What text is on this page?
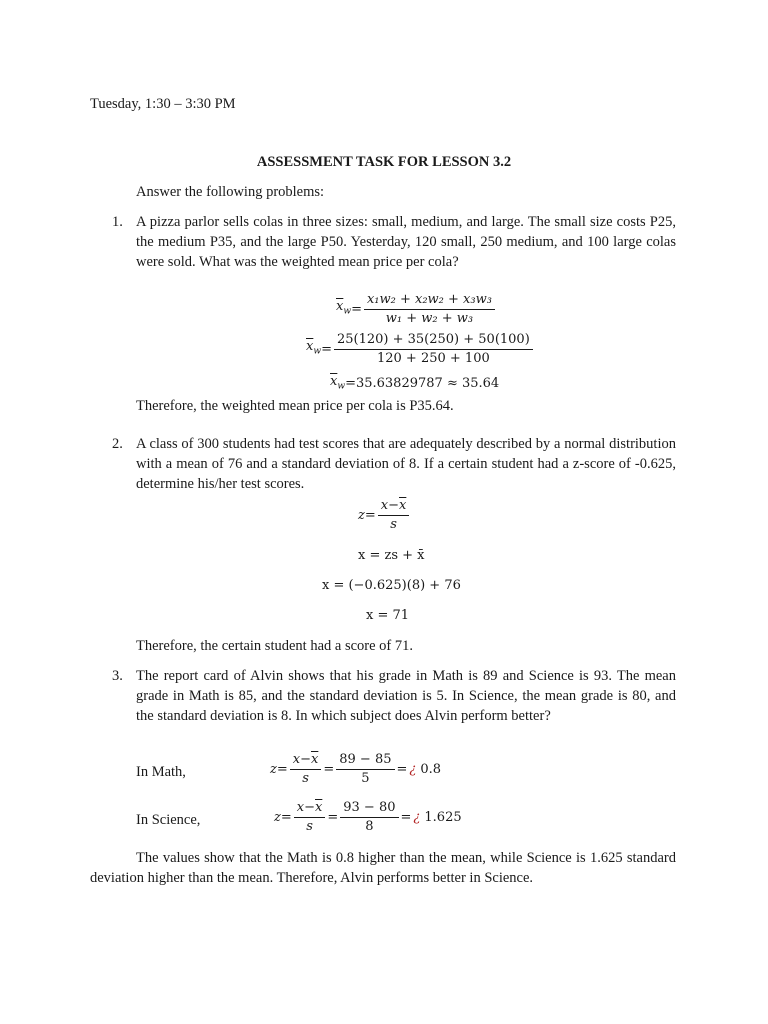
Tuesday, 1:30 – 3:30 PM
ASSESSMENT TASK FOR LESSON 3.2
Answer the following problems:
1. A pizza parlor sells colas in three sizes: small, medium, and large. The small size costs P25, the medium P35, and the large P50. Yesterday, 120 small, 250 medium, and 100 large colas were sold. What was the weighted mean price per cola?
$\overline{x}_w = \frac{\text{x₁w₂ + x₂w₂ + x₃w₃}}{\text{w₁ + w₂ + w₃}}$
$\overline{x}_w = \frac{25(120) + 35(250) + 50(100)}{120 + 250 + 100}$
$\overline{x}_w = 35.63829787 \approx 35.64$
Therefore, the weighted mean price per cola is P35.64.
2. A class of 300 students had test scores that are adequately described by a normal distribution with a mean of 76 and a standard deviation of 8. If a certain student had a z-score of -0.625, determine his/her test scores.
$z = \frac{x-\overline{x}}{s}$
x = zs + x̄
x = (−0.625)(8) + 76
x = 71
Therefore, the certain student had a score of 71.
3. The report card of Alvin shows that his grade in Math is 89 and Science is 93. The mean grade in Math is 85, and the standard deviation is 5. In Science, the mean grade is 80, and the standard deviation is 8. In which subject does Alvin perform better?
In Math,	$z = \frac{x-\overline{x}}{s} = \frac{89 - 85}{5}$ = ¿ 0.8
In Science,	$z = \frac{x-\overline{x}}{s} = \frac{93 - 80}{8}$ = ¿ 1.625
The values show that the Math is 0.8 higher than the mean, while Science is 1.625 standard deviation higher than the mean. Therefore, Alvin performs better in Science.
